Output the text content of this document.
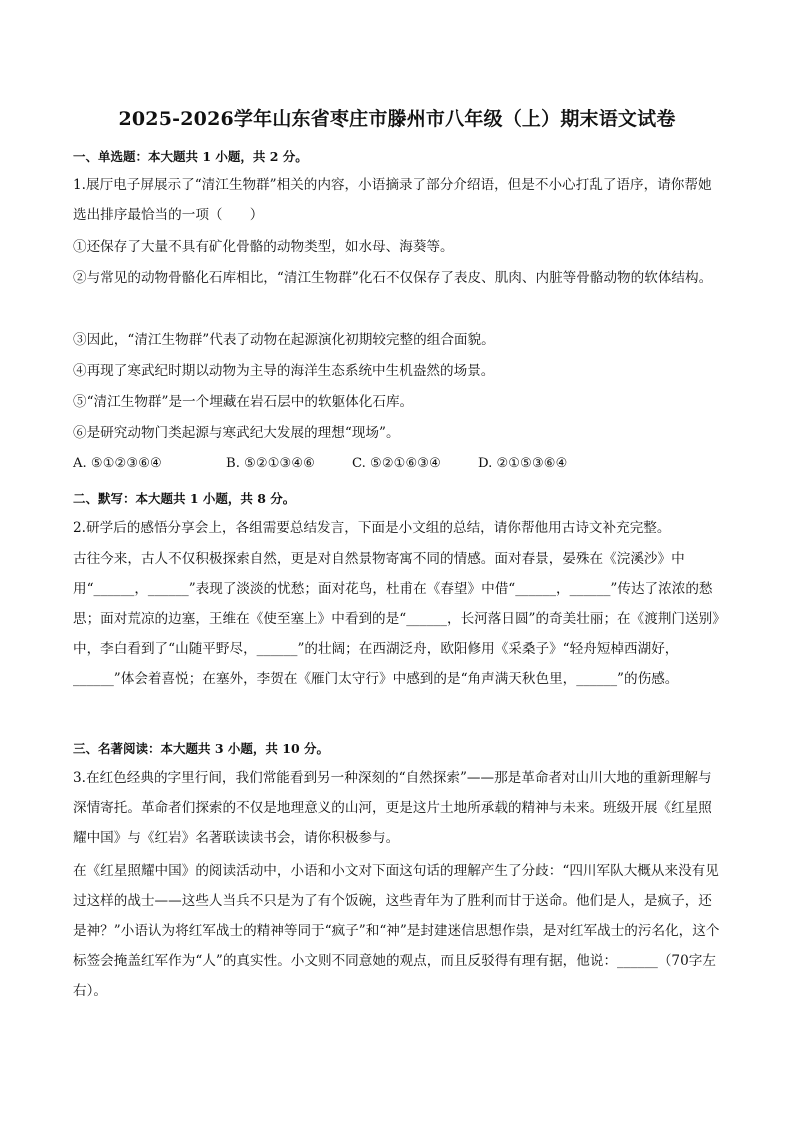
2025-2026学年山东省枣庄市滕州市八年级（上）期末语文试卷
一、单选题：本大题共 1 小题，共 2 分。
1.展厅电子屏展示了“清江生物群”相关的内容，小语摘录了部分介绍语，但是不小心打乱了语序，请你帮她选出排序最恰当的一项（　　）
①还保存了大量不具有矿化骨骼的动物类型，如水母、海葵等。
②与常见的动物骨骼化石库相比，“清江生物群”化石不仅保存了表皮、肌肉、内脏等骨骼动物的软体结构。
③因此，“清江生物群”代表了动物在起源演化初期较完整的组合面貌。
④再现了寒武纪时期以动物为主导的海洋生态系统中生机盎然的场景。
⑤“清江生物群”是一个埋藏在岩石层中的软躯体化石库。
⑥是研究动物门类起源与寒武纪大发展的理想“现场”。
A. ⑤①②③⑥④	B. ⑤②①③④⑥	C. ⑤②①⑥③④	D. ②①⑤③⑥④
二、默写：本大题共 1 小题，共 8 分。
2.研学后的感悟分享会上，各组需要总结发言，下面是小文组的总结，请你帮他用古诗文补充完整。
古往今来，古人不仅积极探索自然，更是对自然景物寄寓不同的情感。面对春景，晏殊在《浣溪沙》中用“______，______”表现了淡淡的忧愁；面对花鸟，杜甫在《春望》中借“______，______”传达了浓浓的愁思；面对荒凉的边塞，王维在《使至塞上》中看到的是“______，长河落日圆”的奇美壮丽；在《渡荆门送别》中，李白看到了“山随平野尽，______”的壮阔；在西湖泛舟，欧阳修用《采桑子》“轻舟短棹西湖好，______”体会着喜悦；在塞外，李贺在《雁门太守行》中感到的是“角声满天秋色里，______”的伤感。
三、名著阅读：本大题共 3 小题，共 10 分。
3.在红色经典的字里行间，我们常能看到另一种深刻的“自然探索”——那是革命者对山川大地的重新理解与深情寄托。革命者们探索的不仅是地理意义的山河，更是这片土地所承载的精神与未来。班级开展《红星照耀中国》与《红岩》名著联读读书会，请你积极参与。
在《红星照耀中国》的阅读活动中，小语和小文对下面这句话的理解产生了分歧：“四川军队大概从来没有见过这样的战士——这些人当兵不只是为了有个饭碗，这些青年为了胜利而甘于送命。他们是人，是疯子，还是神？”小语认为将红军战士的精神等同于“疯子”和“神”是封建迷信思想作祟，是对红军战士的污名化，这个标签会掩盖红军作为“人”的真实性。小文则不同意她的观点，而且反驳得有理有据，他说：______（70字左右）。
